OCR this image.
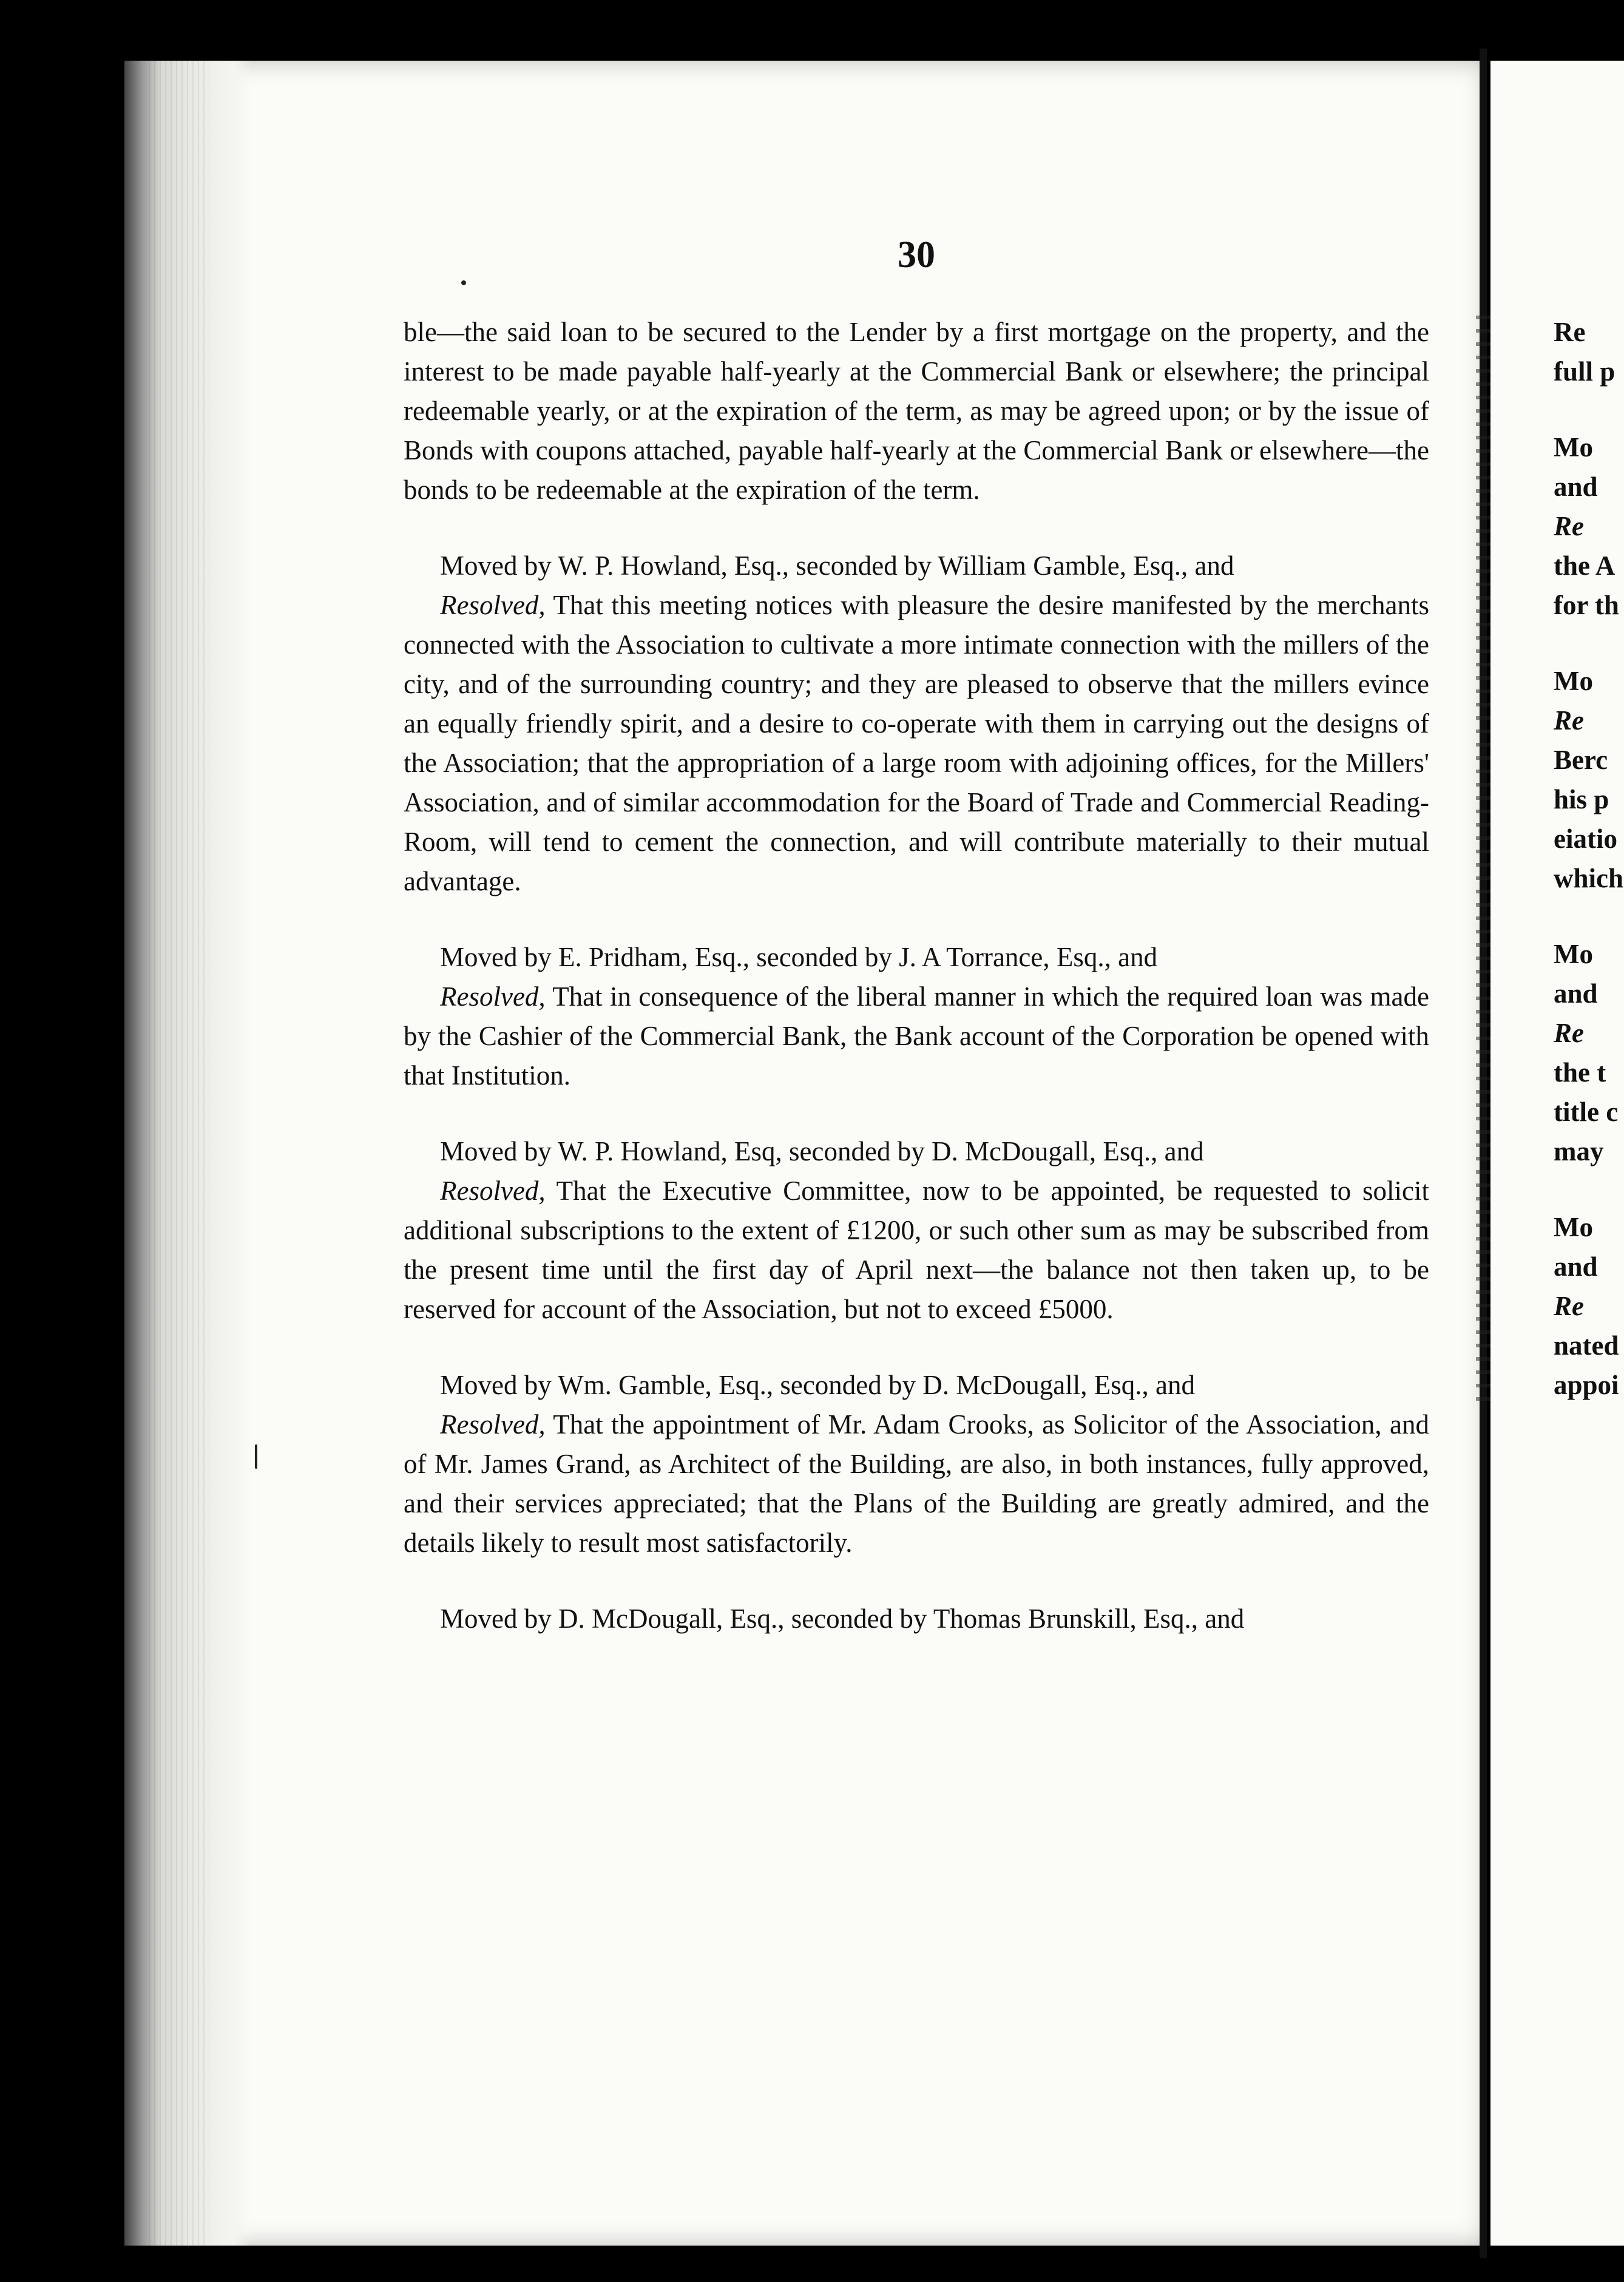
30

ble—the said loan to be secured to the Lender by a first mortgage on the property, and the interest to be made payable half-yearly at the Commercial Bank or elsewhere; the principal redeemable yearly, or at the expiration of the term, as may be agreed upon; or by the issue of Bonds with coupons attached, payable half-yearly at the Commercial Bank or elsewhere—the bonds to be redeemable at the expiration of the term.

Moved by W. P. Howland, Esq., seconded by William Gamble, Esq., and

Resolved, That this meeting notices with pleasure the desire manifested by the merchants connected with the Association to cultivate a more intimate connection with the millers of the city, and of the surrounding country; and they are pleased to observe that the millers evince an equally friendly spirit, and a desire to co-operate with them in carrying out the designs of the Association; that the appropriation of a large room with adjoining offices, for the Millers' Association, and of similar accommodation for the Board of Trade and Commercial Reading-Room, will tend to cement the connection, and will contribute materially to their mutual advantage.

Moved by E. Pridham, Esq., seconded by J. A Torrance, Esq., and

Resolved, That in consequence of the liberal manner in which the required loan was made by the Cashier of the Commercial Bank, the Bank account of the Corporation be opened with that Institution.

Moved by W. P. Howland, Esq, seconded by D. McDougall, Esq., and

Resolved, That the Executive Committee, now to be appointed, be requested to solicit additional subscriptions to the extent of £1200, or such other sum as may be subscribed from the present time until the first day of April next—the balance not then taken up, to be reserved for account of the Association, but not to exceed £5000.

Moved by Wm. Gamble, Esq., seconded by D. McDougall, Esq., and

Resolved, That the appointment of Mr. Adam Crooks, as Solicitor of the Association, and of Mr. James Grand, as Architect of the Building, are also, in both instances, fully approved, and their services appreciated; that the Plans of the Building are greatly admired, and the details likely to result most satisfactorily.

Moved by D. McDougall, Esq., seconded by Thomas Brunskill, Esq., and

Re
full p
Mo
and
Re
the A
for th
Mo
Re
Berc
his p
eiatio
which
Mo
and
Re
the t
title c
may
Mo
and
Re
nated
appoi
